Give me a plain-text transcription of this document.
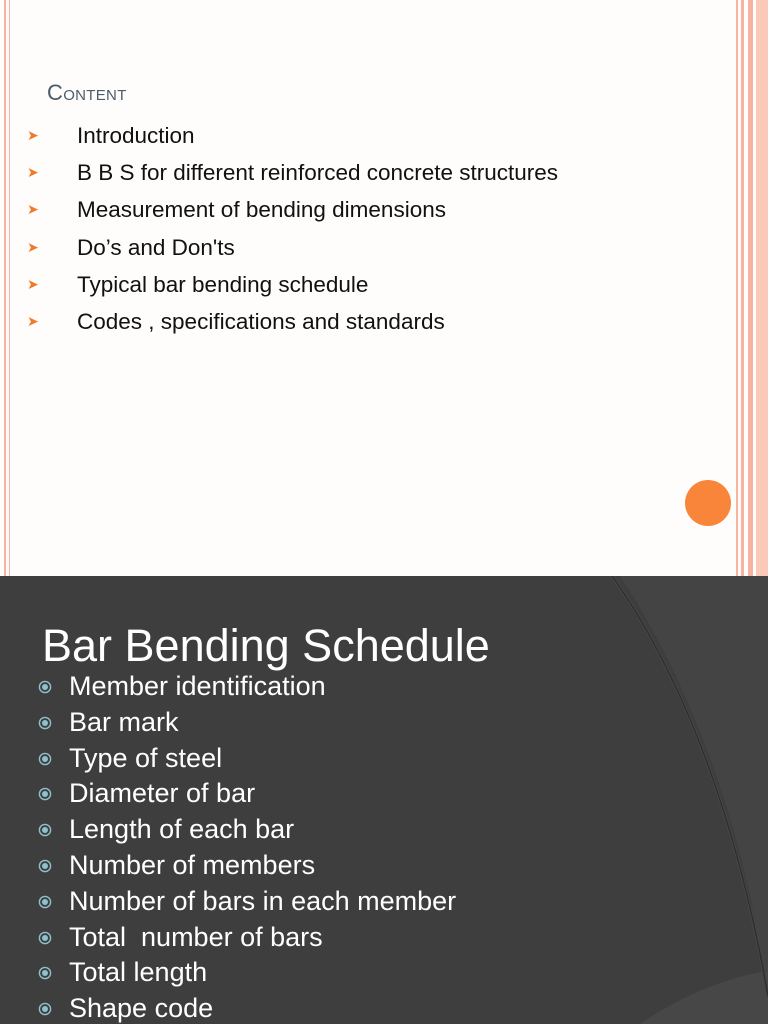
Content
➤ Introduction
➤ B B S for different reinforced concrete structures
➤ Measurement of bending dimensions
➤ Do’s and Don'ts
➤ Typical bar bending schedule
➤ Codes , specifications and standards
Bar Bending Schedule
Member identification
Bar mark
Type of steel
Diameter of bar
Length of each bar
Number of members
Number of bars in each member
Total  number of bars
Total length
Shape code
